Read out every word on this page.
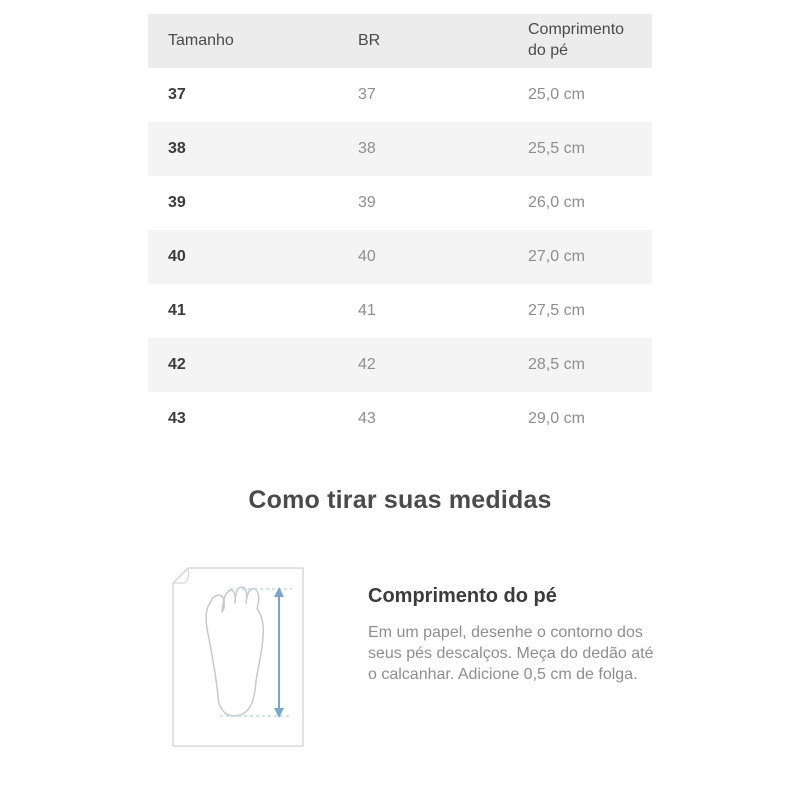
Tamanho	BR	Comprimento do pé
37	37	25,0 cm
38	38	25,5 cm
39	39	26,0 cm
40	40	27,0 cm
41	41	27,5 cm
42	42	28,5 cm
43	43	29,0 cm
Como tirar suas medidas
Comprimento do pé

Em um papel, desenhe o contorno dos seus pés descalços. Meça do dedão até o calcanhar. Adicione 0,5 cm de folga.
